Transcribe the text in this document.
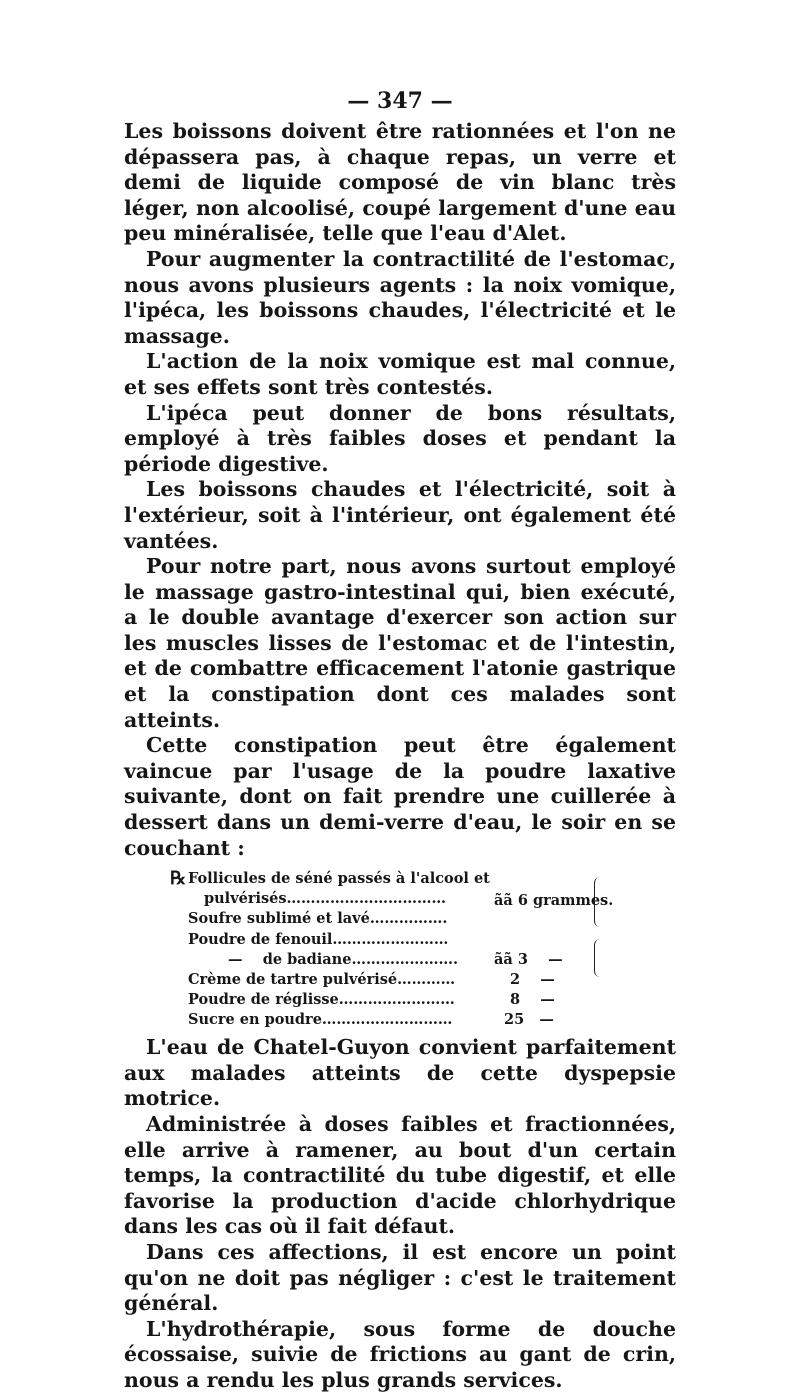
— 347 —

Les boissons doivent être rationnées et l'on ne dépassera pas, à chaque repas, un verre et demi de liquide composé de vin blanc très léger, non alcoolisé, coupé largement d'une eau peu minéralisée, telle que l'eau d'Alet.

Pour augmenter la contractilité de l'estomac, nous avons plusieurs agents : la noix vomique, l'ipéca, les boissons chaudes, l'électricité et le massage.

L'action de la noix vomique est mal connue, et ses effets sont très contestés.

L'ipéca peut donner de bons résultats, employé à très faibles doses et pendant la période digestive.

Les boissons chaudes et l'électricité, soit à l'extérieur, soit à l'intérieur, ont également été vantées.

Pour notre part, nous avons surtout employé le massage gastro-intestinal qui, bien exécuté, a le double avantage d'exercer son action sur les muscles lisses de l'estomac et de l'intestin, et de combattre efficacement l'atonie gastrique et la constipation dont ces malades sont atteints.

Cette constipation peut être également vaincue par l'usage de la poudre laxative suivante, dont on fait prendre une cuillerée à dessert dans un demi-verre d'eau, le soir en se couchant :

℞ Follicules de séné passés à l'alcool et
pulvérisés……………………………
Soufre sublimé et lavé…………….
Poudre de fenouil……………………
—    de badiane………………….
Crème de tartre pulvérisé…………
Poudre de réglisse……………………
Sucre en poudre………………………
ãã 6 grammes.
ãã 3    —
2    —
8    —
25   —

L'eau de Chatel-Guyon convient parfaitement aux malades atteints de cette dyspepsie motrice.

Administrée à doses faibles et fractionnées, elle arrive à ramener, au bout d'un certain temps, la contractilité du tube digestif, et elle favorise la production d'acide chlorhydrique dans les cas où il fait défaut.

Dans ces affections, il est encore un point qu'on ne doit pas négliger : c'est le traitement général.

L'hydrothérapie, sous forme de douche écossaise, suivie de frictions au gant de crin, nous a rendu les plus grands services.
